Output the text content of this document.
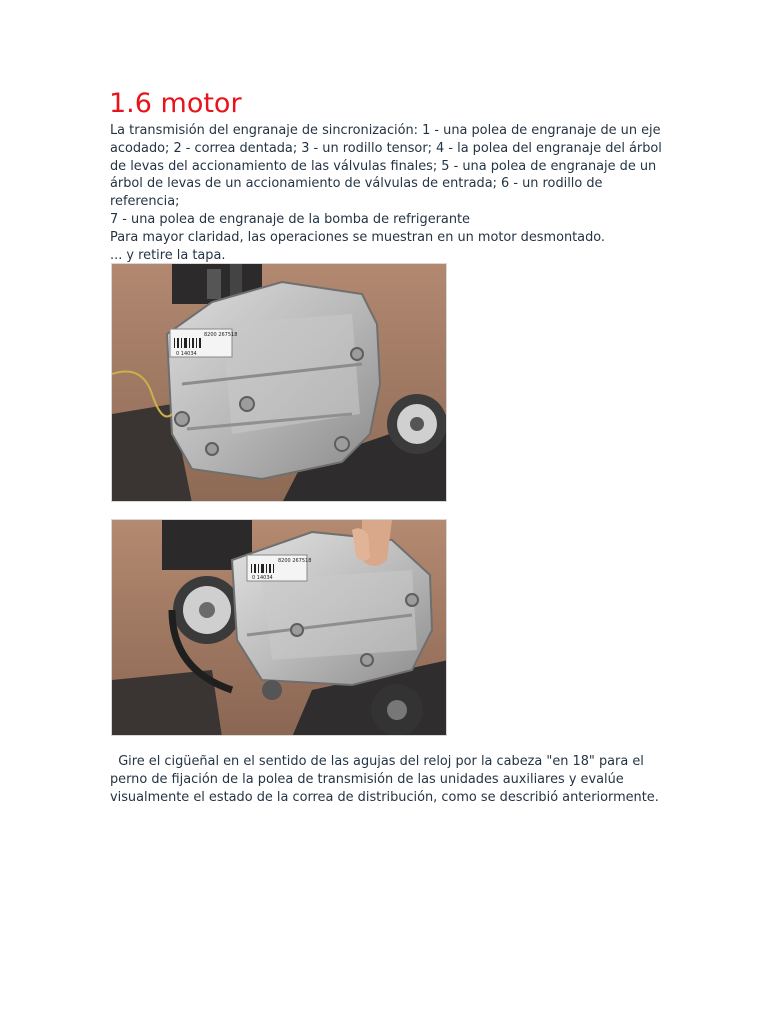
1.6 motor

La transmisión del engranaje de sincronización: 1 - una polea de engranaje de un eje

acodado; 2 - correa dentada; 3 - un rodillo tensor; 4 - la polea del engranaje del árbol

de levas del accionamiento de las válvulas finales; 5 - una polea de engranaje de un

árbol de levas de un accionamiento de válvulas de entrada; 6 - un rodillo de referencia;

7 - una polea de engranaje de la bomba de refrigerante

Para mayor claridad, las operaciones se muestran en un motor desmontado.

... y retire la tapa.

8200 267518
0 14034
8200 267518
0 14034

Gire el cigüeñal en el sentido de las agujas del reloj por la cabeza "en 18" para el

perno de fijación de la polea de transmisión de las unidades auxiliares y evalúe

visualmente el estado de la correa de distribución, como se describió anteriormente.
